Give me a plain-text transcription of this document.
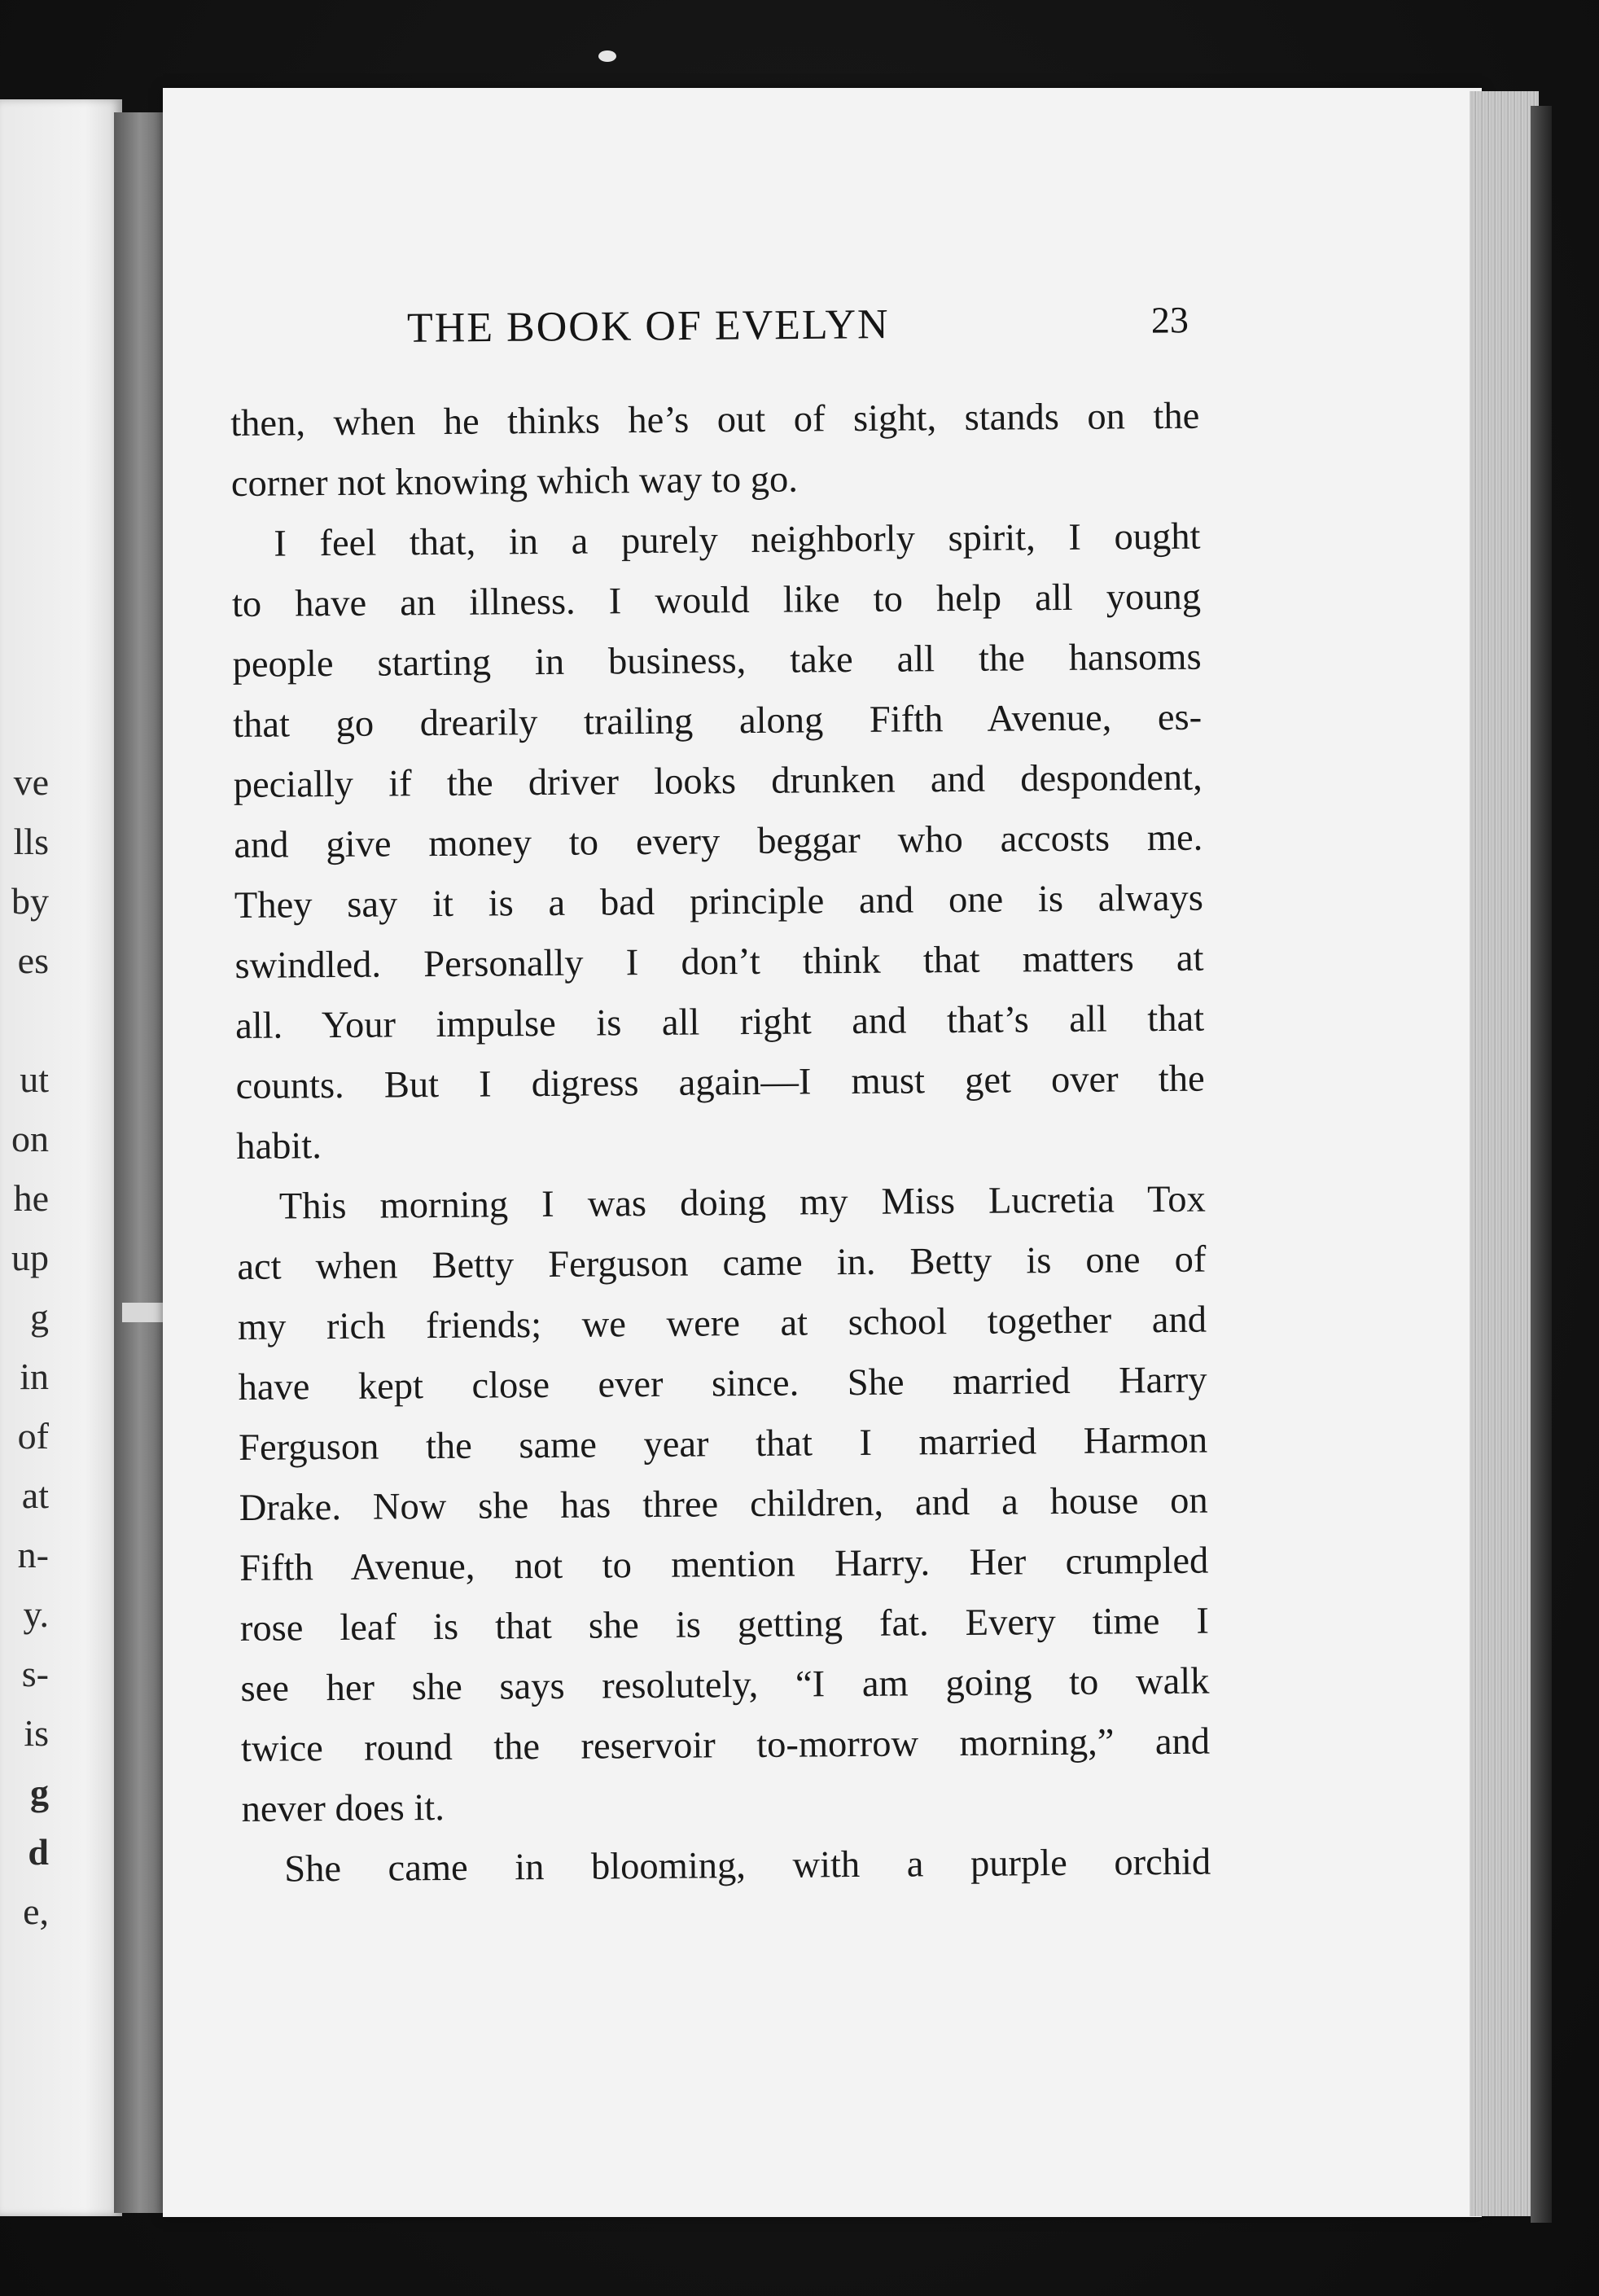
ve
lls
by
es
ut
on
he
up
g
in
of
at
n-
y.
s-
is
g
d
e,
THE BOOK OF EVELYN	23
then, when he thinks he’s out of sight, stands on the
corner not knowing which way to go.
I feel that, in a purely neighborly spirit, I ought
to have an illness. I would like to help all young
people starting in business, take all the hansoms
that go drearily trailing along Fifth Avenue, es-
pecially if the driver looks drunken and despondent,
and give money to every beggar who accosts me.
They say it is a bad principle and one is always
swindled. Personally I don’t think that matters at
all. Your impulse is all right and that’s all that
counts. But I digress again—I must get over the
habit.
This morning I was doing my Miss Lucretia Tox
act when Betty Ferguson came in. Betty is one of
my rich friends; we were at school together and
have kept close ever since. She married Harry
Ferguson the same year that I married Harmon
Drake. Now she has three children, and a house on
Fifth Avenue, not to mention Harry. Her crumpled
rose leaf is that she is getting fat. Every time I
see her she says resolutely, “I am going to walk
twice round the reservoir to-morrow morning,” and
never does it.
She came in blooming, with a purple orchid
